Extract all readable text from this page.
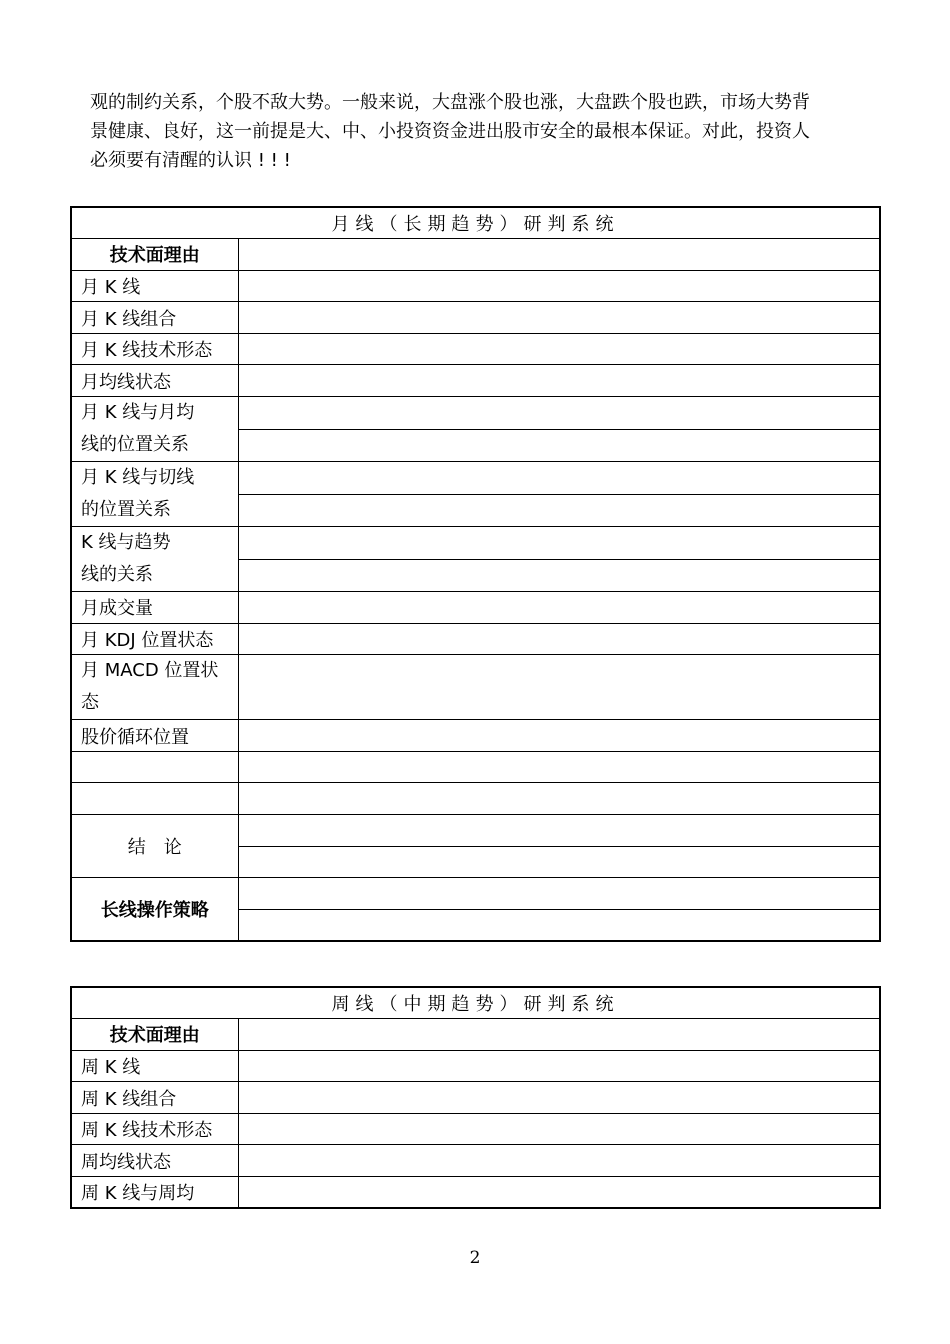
观的制约关系，个股不敌大势。一般来说，大盘涨个股也涨，大盘跌个股也跌，市场大势背

景健康、良好，这一前提是大、中、小投资资金进出股市安全的最根本保证。对此，投资人

必须要有清醒的认识 ! ! !

月线（长期趋势）研判系统	
技术面理由	
月 K 线	
月 K 线组合	
月 K 线技术形态	
月均线状态	

月 K 线与月均
线的位置关系	

月 K 线与切线
的位置关系	

K 线与趋势
线的关系	

月成交量	
月 KDJ 位置状态	

月 MACD 位置状
态	

股价循环位置	

结　论	

长线操作策略	

周线（中期趋势）研判系统	
技术面理由	
周 K 线	
周 K 线组合	
周 K 线技术形态	
周均线状态	
周 K 线与周均	
2
